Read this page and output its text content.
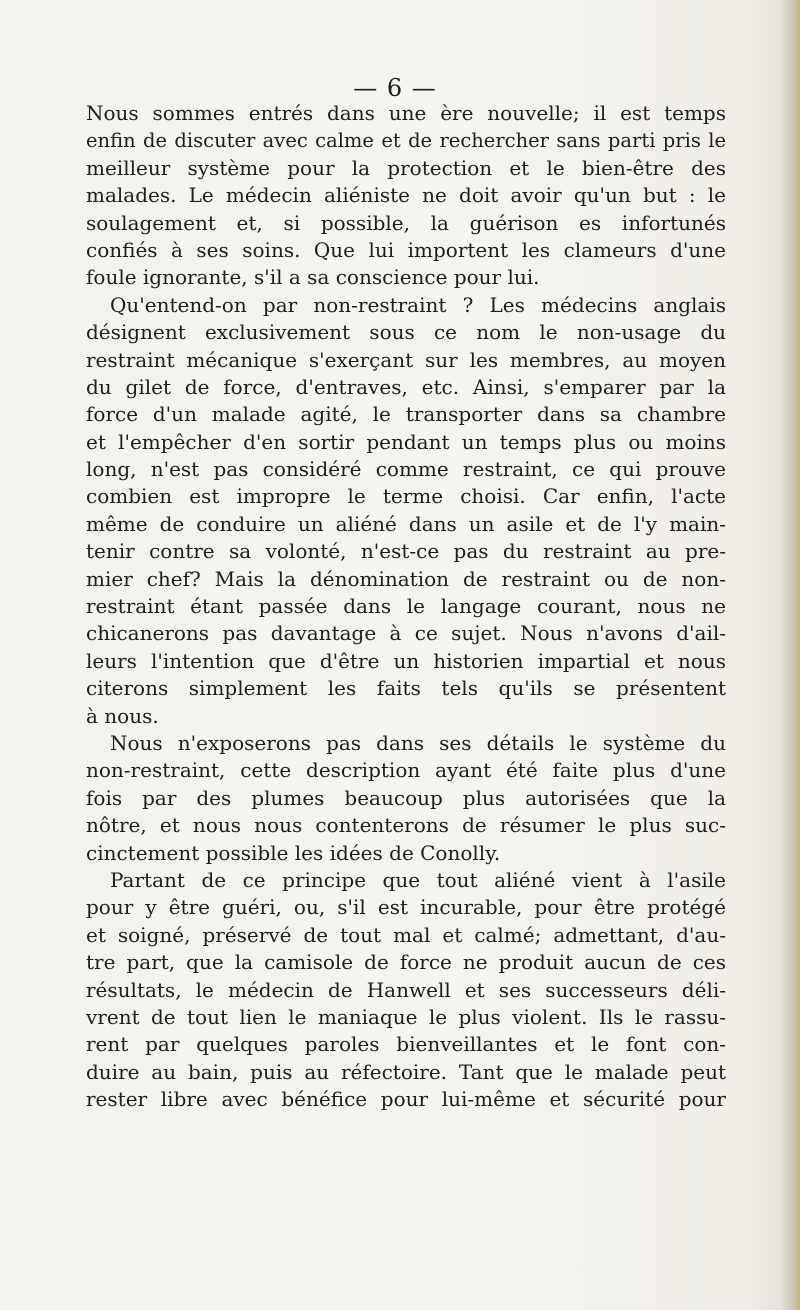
— 6 —
Nous sommes entrés dans une ère nouvelle; il est temps
enfin de discuter avec calme et de rechercher sans parti pris le
meilleur système pour la protection et le bien-être des
malades. Le médecin aliéniste ne doit avoir qu'un but : le
soulagement et, si possible, la guérison es infortunés
confiés à ses soins. Que lui importent les clameurs d'une
foule ignorante, s'il a sa conscience pour lui.
Qu'entend-on par non-restraint ? Les médecins anglais
désignent exclusivement sous ce nom le non-usage du
restraint mécanique s'exerçant sur les membres, au moyen
du gilet de force, d'entraves, etc. Ainsi, s'emparer par la
force d'un malade agité, le transporter dans sa chambre
et l'empêcher d'en sortir pendant un temps plus ou moins
long, n'est pas considéré comme restraint, ce qui prouve
combien est impropre le terme choisi. Car enfin, l'acte
même de conduire un aliéné dans un asile et de l'y main-
tenir contre sa volonté, n'est-ce pas du restraint au pre-
mier chef? Mais la dénomination de restraint ou de non-
restraint étant passée dans le langage courant, nous ne
chicanerons pas davantage à ce sujet. Nous n'avons d'ail-
leurs l'intention que d'être un historien impartial et nous
citerons simplement les faits tels qu'ils se présentent
à nous.
Nous n'exposerons pas dans ses détails le système du
non-restraint, cette description ayant été faite plus d'une
fois par des plumes beaucoup plus autorisées que la
nôtre, et nous nous contenterons de résumer le plus suc-
cinctement possible les idées de Conolly.
Partant de ce principe que tout aliéné vient à l'asile
pour y être guéri, ou, s'il est incurable, pour être protégé
et soigné, préservé de tout mal et calmé; admettant, d'au-
tre part, que la camisole de force ne produit aucun de ces
résultats, le médecin de Hanwell et ses successeurs déli-
vrent de tout lien le maniaque le plus violent. Ils le rassu-
rent par quelques paroles bienveillantes et le font con-
duire au bain, puis au réfectoire. Tant que le malade peut
rester libre avec bénéfice pour lui-même et sécurité pour
